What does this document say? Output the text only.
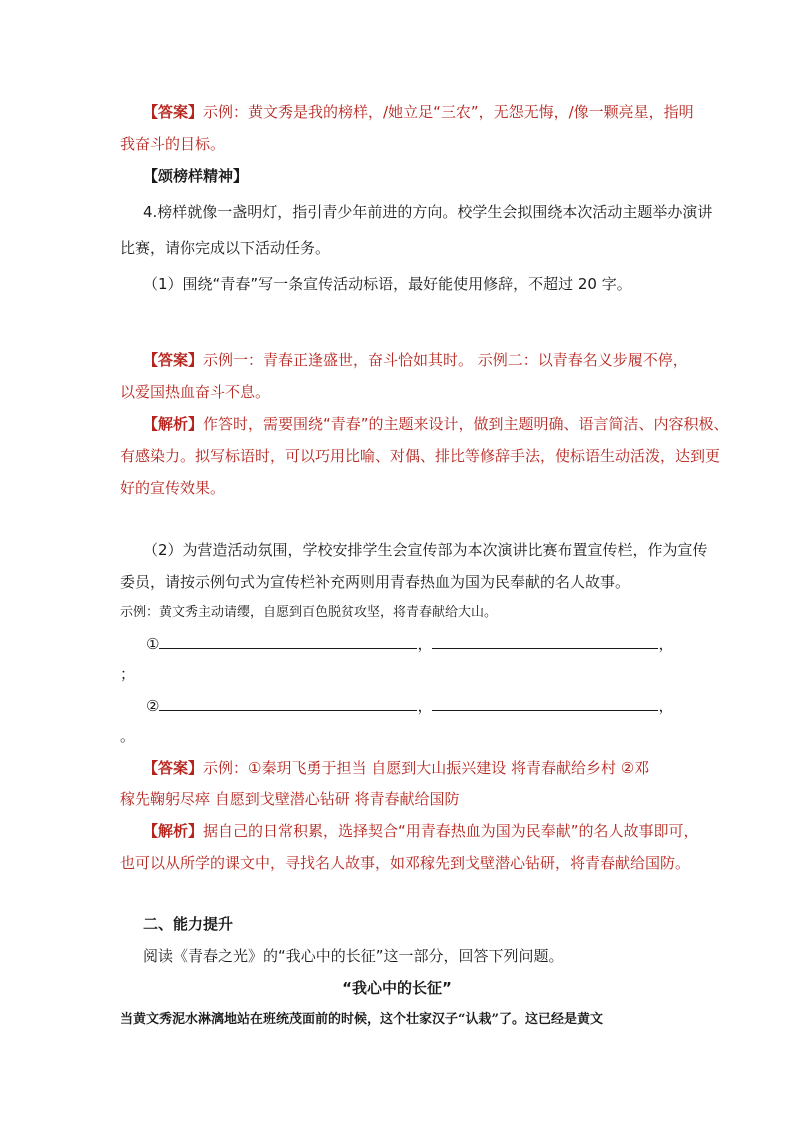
【答案】示例：黄文秀是我的榜样，/她立足“三农”，无怨无悔，/像一颗亮星，指明
我奋斗的目标。
【颂榜样精神】
4.榜样就像一盏明灯，指引青少年前进的方向。校学生会拟围绕本次活动主题举办演讲
比赛，请你完成以下活动任务。
（1）围绕“青春”写一条宣传活动标语，最好能使用修辞，不超过 20 字。
【答案】示例一：青春正逢盛世，奋斗恰如其时。 示例二：以青春名义步履不停，
以爱国热血奋斗不息。
【解析】作答时，需要围绕“青春”的主题来设计，做到主题明确、语言简洁、内容积极、
有感染力。拟写标语时，可以巧用比喻、对偶、排比等修辞手法，使标语生动活泼，达到更
好的宣传效果。
（2）为营造活动氛围，学校安排学生会宣传部为本次演讲比赛布置宣传栏，作为宣传
委员，请按示例句式为宣传栏补充两则用青春热血为国为民奉献的名人故事。
示例：黄文秀主动请缨，自愿到百色脱贫攻坚，将青春献给大山。
①	，	，
；
②	，	，
。
【答案】示例：①秦玥飞勇于担当 自愿到大山振兴建设 将青春献给乡村 ②邓
稼先鞠躬尽瘁 自愿到戈壁潜心钻研 将青春献给国防
【解析】据自己的日常积累，选择契合“用青春热血为国为民奉献”的名人故事即可，
也可以从所学的课文中，寻找名人故事，如邓稼先到戈壁潜心钻研，将青春献给国防。
二、能力提升
阅读《青春之光》的“我心中的长征”这一部分，回答下列问题。
“我心中的长征”
当黄文秀泥水淋漓地站在班统茂面前的时候，这个壮家汉子“认栽”了。这已经是黄文
